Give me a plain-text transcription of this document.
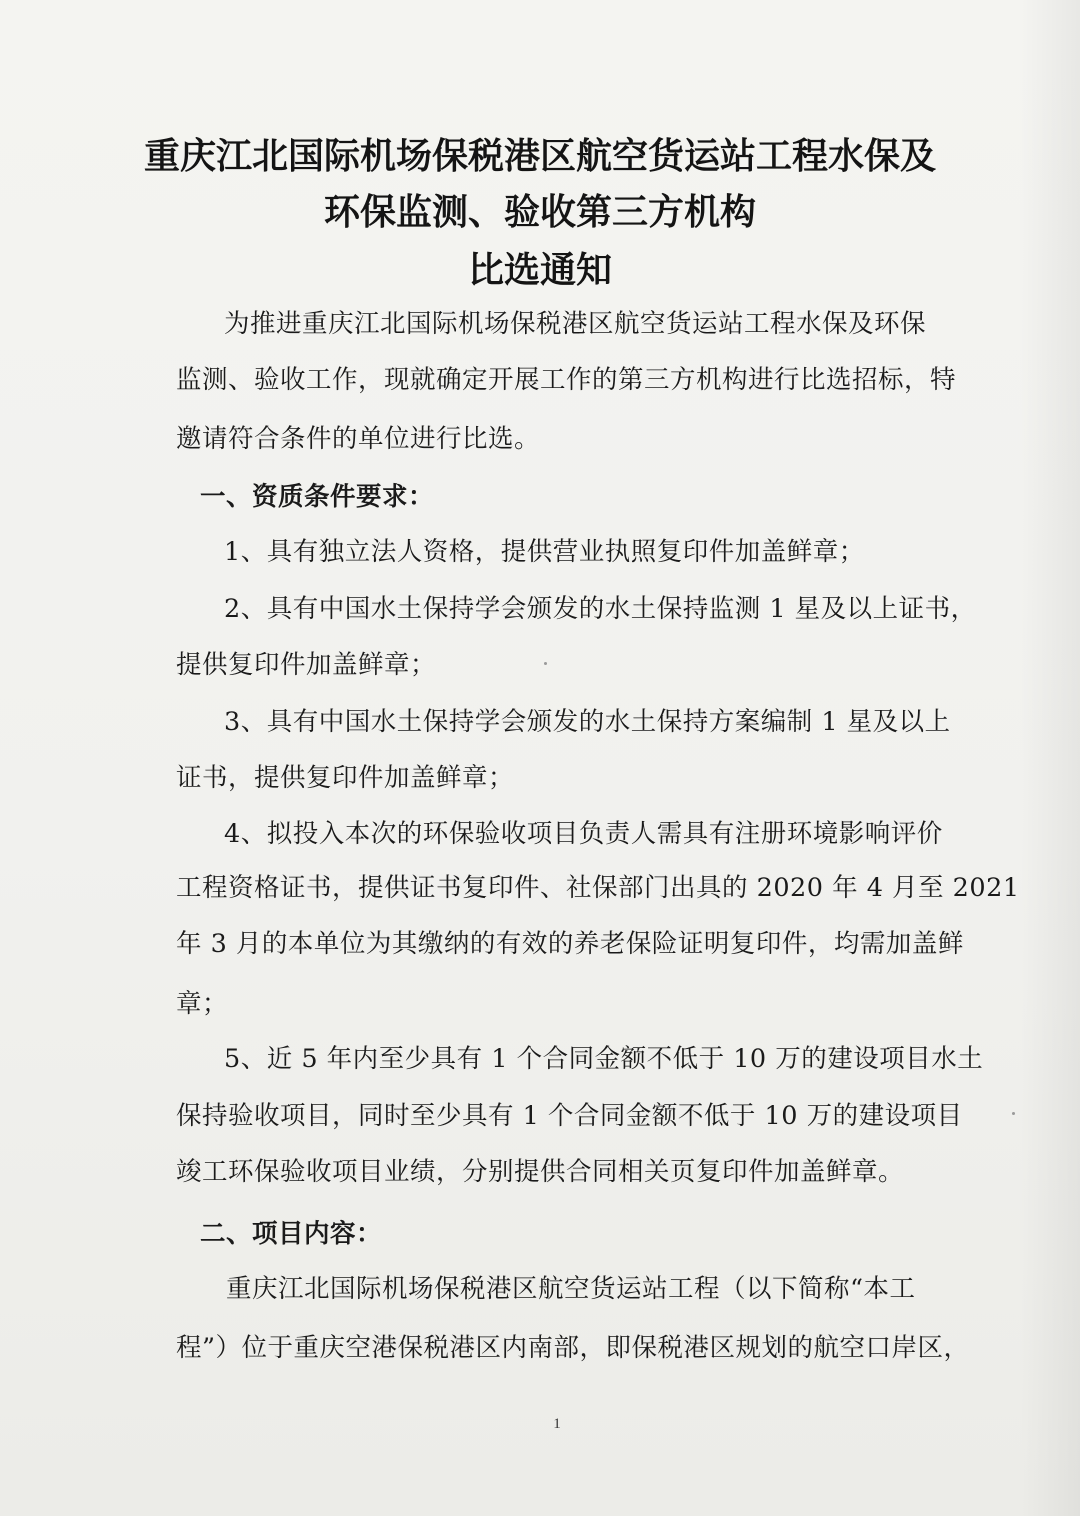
重庆江北国际机场保税港区航空货运站工程水保及
环保监测、验收第三方机构
比选通知
为推进重庆江北国际机场保税港区航空货运站工程水保及环保
监测、验收工作，现就确定开展工作的第三方机构进行比选招标，特
邀请符合条件的单位进行比选。
一、资质条件要求：
1、具有独立法人资格，提供营业执照复印件加盖鲜章；
2、具有中国水土保持学会颁发的水土保持监测 1 星及以上证书，
提供复印件加盖鲜章；
3、具有中国水土保持学会颁发的水土保持方案编制 1 星及以上
证书，提供复印件加盖鲜章；
4、拟投入本次的环保验收项目负责人需具有注册环境影响评价
工程资格证书，提供证书复印件、社保部门出具的 2020 年 4 月至 2021
年 3 月的本单位为其缴纳的有效的养老保险证明复印件，均需加盖鲜
章；
5、近 5 年内至少具有 1 个合同金额不低于 10 万的建设项目水土
保持验收项目，同时至少具有 1 个合同金额不低于 10 万的建设项目
竣工环保验收项目业绩，分别提供合同相关页复印件加盖鲜章。
二、项目内容：
重庆江北国际机场保税港区航空货运站工程（以下简称“本工
程”）位于重庆空港保税港区内南部，即保税港区规划的航空口岸区，
1
